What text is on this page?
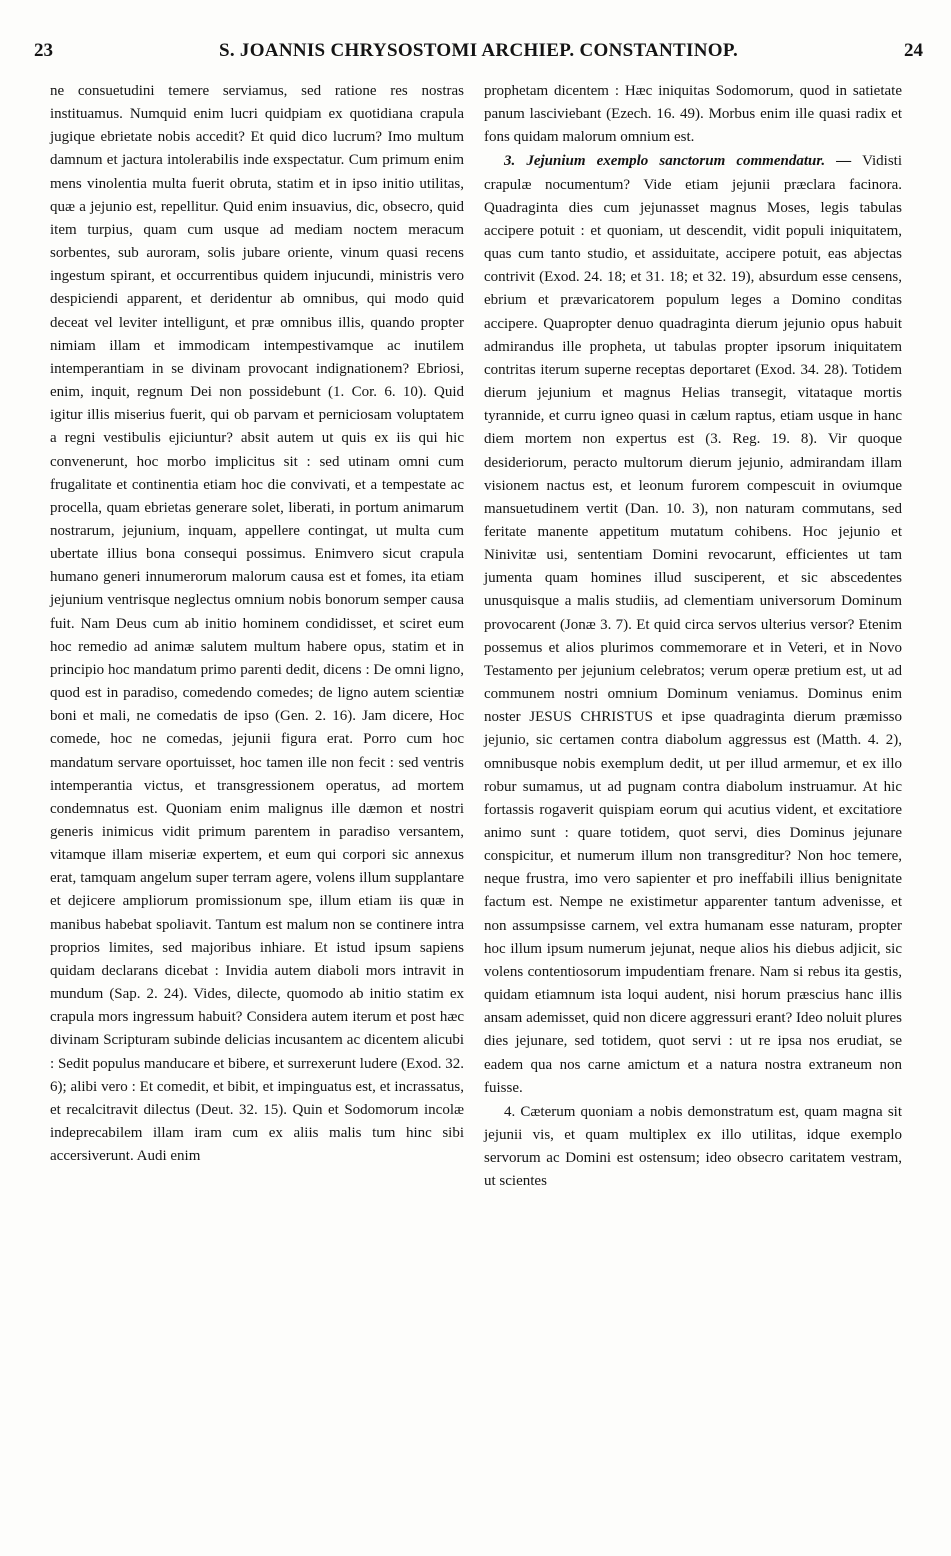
23	S. JOANNIS CHRYSOSTOMI ARCHIEP. CONSTANTINOP.	24

ne consuetudini temere serviamus, sed ratione res nostras instituamus. Numquid enim lucri quidpiam ex quotidiana crapula jugique ebrietate nobis accedit? Et quid dico lucrum? Imo multum damnum et jactura intolerabilis inde exspectatur. Cum primum enim mens vinolentia multa fuerit obruta, statim et in ipso initio utilitas, quæ a jejunio est, repellitur. Quid enim insuavius, dic, obsecro, quid item turpius, quam cum usque ad mediam noctem meracum sorbentes, sub auroram, solis jubare oriente, vinum quasi recens ingestum spirant, et occurrentibus quidem injucundi, ministris vero despiciendi apparent, et deridentur ab omnibus, qui modo quid deceat vel leviter intelligunt, et præ omnibus illis, quando propter nimiam illam et immodicam intempestivamque ac inutilem intemperantiam in se divinam provocant indignationem? Ebriosi, enim, inquit, regnum Dei non possidebunt (1. Cor. 6. 10). Quid igitur illis miserius fuerit, qui ob parvam et perniciosam voluptatem a regni vestibulis ejiciuntur? absit autem ut quis ex iis qui hic convenerunt, hoc morbo implicitus sit : sed utinam omni cum frugalitate et continentia etiam hoc die convivati, et a tempestate ac procella, quam ebrietas generare solet, liberati, in portum animarum nostrarum, jejunium, inquam, appellere contingat, ut multa cum ubertate illius bona consequi possimus. Enimvero sicut crapula humano generi innumerorum malorum causa est et fomes, ita etiam jejunium ventrisque neglectus omnium nobis bonorum semper causa fuit. Nam Deus cum ab initio hominem condidisset, et sciret eum hoc remedio ad animæ salutem multum habere opus, statim et in principio hoc mandatum primo parenti dedit, dicens : De omni ligno, quod est in paradiso, comedendo comedes; de ligno autem scientiæ boni et mali, ne comedatis de ipso (Gen. 2. 16). Jam dicere, Hoc comede, hoc ne comedas, jejunii figura erat. Porro cum hoc mandatum servare oportuisset, hoc tamen ille non fecit : sed ventris intemperantia victus, et transgressionem operatus, ad mortem condemnatus est. Quoniam enim malignus ille dæmon et nostri generis inimicus vidit primum parentem in paradiso versantem, vitamque illam miseriæ expertem, et eum qui corpori sic annexus erat, tamquam angelum super terram agere, volens illum supplantare et dejicere ampliorum promissionum spe, illum etiam iis quæ in manibus habebat spoliavit. Tantum est malum non se continere intra proprios limites, sed majoribus inhiare. Et istud ipsum sapiens quidam declarans dicebat : Invidia autem diaboli mors intravit in mundum (Sap. 2. 24). Vides, dilecte, quomodo ab initio statim ex crapula mors ingressum habuit? Considera autem iterum et post hæc divinam Scripturam subinde delicias incusantem ac dicentem alicubi : Sedit populus manducare et bibere, et surrexerunt ludere (Exod. 32. 6); alibi vero : Et comedit, et bibit, et impinguatus est, et incrassatus, et recalcitravit dilectus (Deut. 32. 15). Quin et Sodomorum incolæ indeprecabilem illam iram cum ex aliis malis tum hinc sibi accersiverunt. Audi enim

prophetam dicentem : Hæc iniquitas Sodomorum, quod in satietate panum lasciviebant (Ezech. 16. 49). Morbus enim ille quasi radix et fons quidam malorum omnium est.

3. Jejunium exemplo sanctorum commendatur. — Vidisti crapulæ nocumentum? Vide etiam jejunii præclara facinora. Quadraginta dies cum jejunasset magnus Moses, legis tabulas accipere potuit : et quoniam, ut descendit, vidit populi iniquitatem, quas cum tanto studio, et assiduitate, accipere potuit, eas abjectas contrivit (Exod. 24. 18; et 31. 18; et 32. 19), absurdum esse censens, ebrium et prævaricatorem populum leges a Domino conditas accipere. Quapropter denuo quadraginta dierum jejunio opus habuit admirandus ille propheta, ut tabulas propter ipsorum iniquitatem contritas iterum superne receptas deportaret (Exod. 34. 28). Totidem dierum jejunium et magnus Helias transegit, vitataque mortis tyrannide, et curru igneo quasi in cælum raptus, etiam usque in hanc diem mortem non expertus est (3. Reg. 19. 8). Vir quoque desideriorum, peracto multorum dierum jejunio, admirandam illam visionem nactus est, et leonum furorem compescuit in oviumque mansuetudinem vertit (Dan. 10. 3), non naturam commutans, sed feritate manente appetitum mutatum cohibens. Hoc jejunio et Ninivitæ usi, sententiam Domini revocarunt, efficientes ut tam jumenta quam homines illud susciperent, et sic abscedentes unusquisque a malis studiis, ad clementiam universorum Dominum provocarent (Jonæ 3. 7). Et quid circa servos ulterius versor? Etenim possemus et alios plurimos commemorare et in Veteri, et in Novo Testamento per jejunium celebratos; verum operæ pretium est, ut ad communem nostri omnium Dominum veniamus. Dominus enim noster JESUS CHRISTUS et ipse quadraginta dierum præmisso jejunio, sic certamen contra diabolum aggressus est (Matth. 4. 2), omnibusque nobis exemplum dedit, ut per illud armemur, et ex illo robur sumamus, ut ad pugnam contra diabolum instruamur. At hic fortassis rogaverit quispiam eorum qui acutius vident, et excitatiore animo sunt : quare totidem, quot servi, dies Dominus jejunare conspicitur, et numerum illum non transgreditur? Non hoc temere, neque frustra, imo vero sapienter et pro ineffabili illius benignitate factum est. Nempe ne existimetur apparenter tantum advenisse, et non assumpsisse carnem, vel extra humanam esse naturam, propter hoc illum ipsum numerum jejunat, neque alios his diebus adjicit, sic volens contentiosorum impudentiam frenare. Nam si rebus ita gestis, quidam etiamnum ista loqui audent, nisi horum præscius hanc illis ansam ademisset, quid non dicere aggressuri erant? Ideo noluit plures dies jejunare, sed totidem, quot servi : ut re ipsa nos erudiat, se eadem qua nos carne amictum et a natura nostra extraneum non fuisse.

4. Cæterum quoniam a nobis demonstratum est, quam magna sit jejunii vis, et quam multiplex ex illo utilitas, idque exemplo servorum ac Domini est ostensum; ideo obsecro caritatem vestram, ut scientes
